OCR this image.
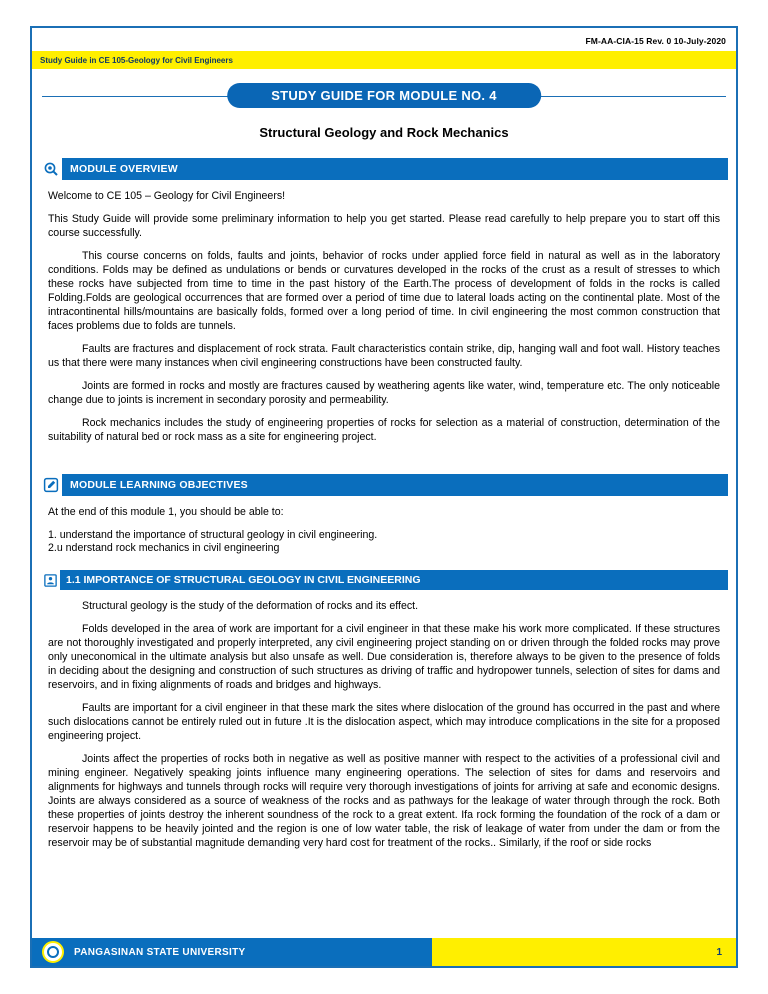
FM-AA-CIA-15 Rev. 0 10-July-2020
Study Guide in CE 105-Geology for Civil Engineers
STUDY GUIDE FOR MODULE NO. 4
Structural Geology and Rock Mechanics
MODULE OVERVIEW

Welcome to CE 105 – Geology for Civil Engineers!

This Study Guide will provide some preliminary information to help you get started. Please read carefully to help prepare you to start off this course successfully.

This course concerns on folds, faults and joints, behavior of rocks under applied force field in natural as well as in the laboratory conditions. Folds may be defined as undulations or bends or curvatures developed in the rocks of the crust as a result of stresses to which these rocks have subjected from time to time in the past history of the Earth.The process of development of folds in the rocks is called Folding.Folds are geological occurrences that are formed over a period of time due to lateral loads acting on the continental plate. Most of the intracontinental hills/mountains are basically folds, formed over a long period of time. In civil engineering the most common construction that faces problems due to folds are tunnels.

Faults are fractures and displacement of rock strata. Fault characteristics contain strike, dip, hanging wall and foot wall. History teaches us that there were many instances when civil engineering constructions have been constructed faulty.

Joints are formed in rocks and mostly are fractures caused by weathering agents like water, wind, temperature etc. The only noticeable change due to joints is increment in secondary porosity and permeability.

Rock mechanics includes the study of engineering properties of rocks for selection as a material of construction, determination of the suitability of natural bed or rock mass as a site for engineering project.

MODULE LEARNING OBJECTIVES

At the end of this module 1, you should be able to:

1. understand the importance of structural geology in civil engineering.
2.u nderstand rock mechanics in civil engineering
1.1 IMPORTANCE OF STRUCTURAL GEOLOGY IN CIVIL ENGINEERING

Structural geology is the study of the deformation of rocks and its effect.

Folds developed in the area of work are important for a civil engineer in that these make his work more complicated. If these structures are not thoroughly investigated and properly interpreted, any civil engineering project standing on or driven through the folded rocks may prove only uneconomical in the ultimate analysis but also unsafe as well. Due consideration is, therefore always to be given to the presence of folds in deciding about the designing and construction of such structures as driving of traffic and hydropower tunnels, selection of sites for dams and reservoirs, and in fixing alignments of roads and bridges and highways.

Faults are important for a civil engineer in that these mark the sites where dislocation of the ground has occurred in the past and where such dislocations cannot be entirely ruled out in future .It is the dislocation aspect, which may introduce complications in the site for a proposed engineering project.

Joints affect the properties of rocks both in negative as well as positive manner with respect to the activities of a professional civil and mining engineer. Negatively speaking joints influence many engineering operations. The selection of sites for dams and reservoirs and alignments for highways and tunnels through rocks will require very thorough investigations of joints for arriving at safe and economic designs. Joints are always considered as a source of weakness of the rocks and as pathways for the leakage of water through through the rock. Both these properties of joints destroy the inherent soundness of the rock to a great extent. Ifa rock forming the foundation of the rock of a dam or reservoir happens to be heavily jointed and the region is one of low water table, the risk of leakage of water from under the dam or from the reservoir may be of substantial magnitude demanding very hard cost for treatment of the rocks.. Similarly, if the roof or side rocks

PANGASINAN STATE UNIVERSITY	1
